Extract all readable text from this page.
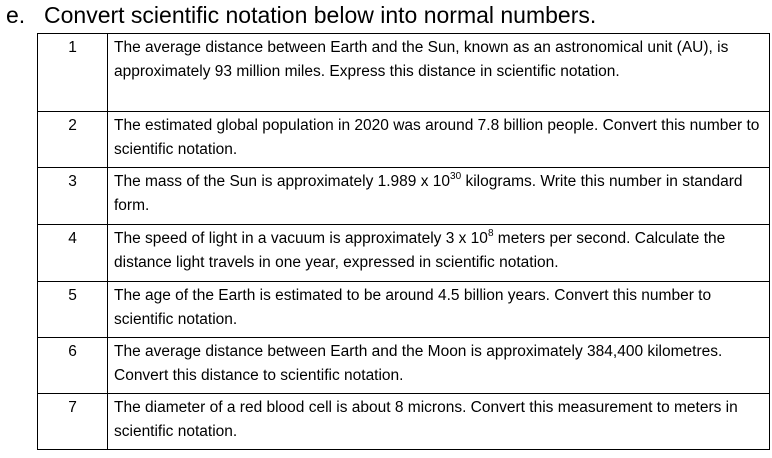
e. Convert scientific notation below into normal numbers.
1	The average distance between Earth and the Sun, known as an astronomical unit (AU), is approximately 93 million miles. Express this distance in scientific notation.
2	The estimated global population in 2020 was around 7.8 billion people. Convert this number to scientific notation.
3	The mass of the Sun is approximately 1.989 x $10^{30}$ kilograms. Write this number in standard form.
4	The speed of light in a vacuum is approximately 3 x $10^8$ meters per second. Calculate the distance light travels in one year, expressed in scientific notation.
5	The age of the Earth is estimated to be around 4.5 billion years. Convert this number to scientific notation.
6	The average distance between Earth and the Moon is approximately 384,400 kilometres. Convert this distance to scientific notation.
7	The diameter of a red blood cell is about 8 microns. Convert this measurement to meters in scientific notation.
